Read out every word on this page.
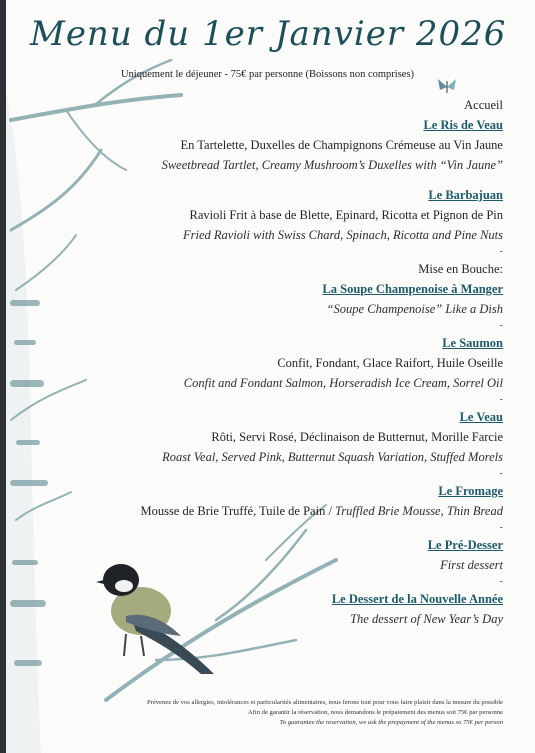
Menu du 1er Janvier 2026
Uniquement le déjeuner - 75€ par personne (Boissons non comprises)
Accueil
Le Ris de Veau
En Tartelette, Duxelles de Champignons Crémeuse au Vin Jaune
Sweetbread Tartlet, Creamy Mushroom’s Duxelles with “Vin Jaune”
Le Barbajuan
Ravioli Frit à base de Blette, Epinard, Ricotta et Pignon de Pin
Fried Ravioli with Swiss Chard, Spinach, Ricotta and Pine Nuts
-
Mise en Bouche:
La Soupe Champenoise à Manger
“Soupe Champenoise” Like a Dish
-
Le Saumon
Confit, Fondant, Glace Raifort, Huile Oseille
Confit and Fondant Salmon, Horseradish Ice Cream, Sorrel Oil
-
Le Veau
Rôti, Servi Rosé, Déclinaison de Butternut, Morille Farcie
Roast Veal, Served Pink, Butternut Squash Variation, Stuffed Morels
-
Le Fromage
Mousse de Brie Truffé, Tuile de Pain / Truffled Brie Mousse, Thin Bread
-
Le Pré-Desser
First dessert
-
Le Dessert de la Nouvelle Année
The dessert of New Year’s Day
Prévenez de vos allergies, intolérances et particularités alimentaires, nous ferons tout pour vous faire plaisir dans la mesure du possible
Afin de garantir la réservation, nous demandons le prépaiement des menus soit 75€ par personne
To guarantee the reservation, we ask the prepayment of the menus so 75€ per person
